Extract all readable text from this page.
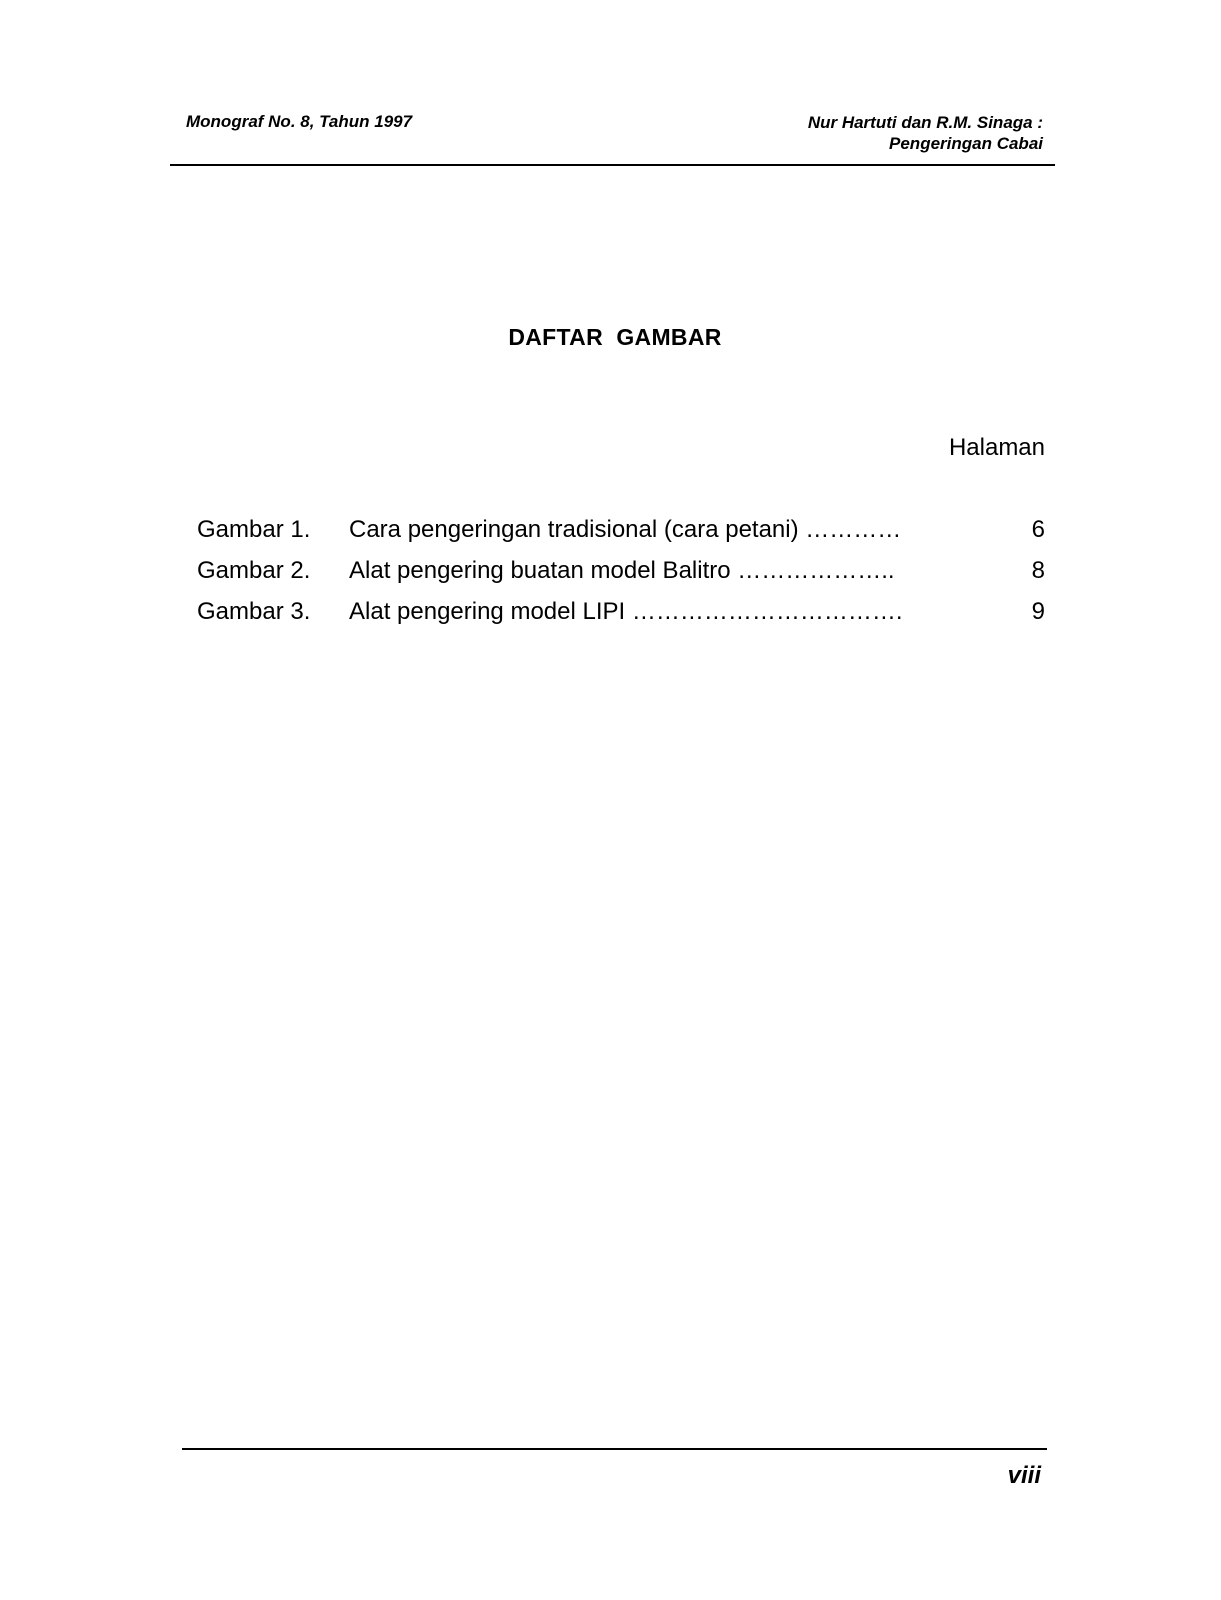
Monograf No. 8, Tahun 1997	Nur Hartuti dan R.M. Sinaga :
Pengeringan Cabai
DAFTAR  GAMBAR
Halaman
Gambar 1. Cara pengeringan tradisional (cara petani) …………	6
Gambar 2. Alat pengering buatan model Balitro ………………..	8
Gambar 3. Alat pengering model LIPI …………………………….	9
viii
